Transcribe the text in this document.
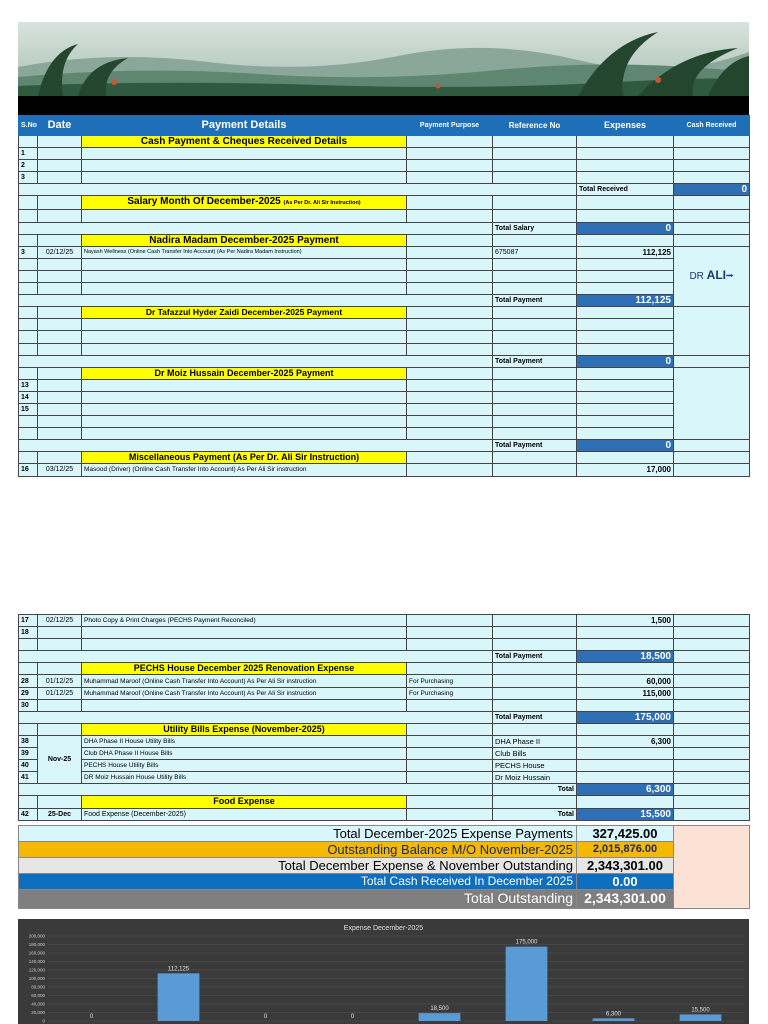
S.No	Date	Payment Details	Payment Purpose	Reference No	Expenses	Cash Received
		Cash Payment & Cheques Received Details				
1						
2						
3						
					Total Received	0
		Salary Month Of December-2025 (As Per Dr. Ali Sir Instruction)				

				Total Salary	0	
		Nadira Madam December-2025 Payment				
3	02/12/25	Nayash Wellness (Online Cash Transfer Into Account) (As Per Nadira Madam Instruction)		675087	112,125	DR ALI⭬

				Total Payment	112,125	
		Dr Tafazzul Hyder Zaidi December-2025 Payment				

				Total Payment	0	
		Dr Moiz Hussain December-2025 Payment				
13						
14						
15						

				Total Payment	0	
		Miscellaneous Payment (As Per Dr. Ali Sir Instruction)				
16	03/12/25	Masood (Driver) (Online Cash Transfer Into Account) As Per Ali Sir instruction			17,000	
17	02/12/25	Photo Copy & Print Charges (PECHS Payment Reconciled)			1,500	
18						

				Total Payment	18,500	
		PECHS House December 2025 Renovation Expense				
28	01/12/25	Muhammad Maroof (Online Cash Transfer Into Account) As Per Ali Sir instruction	For Purchasing		60,000	
29	01/12/25	Muhammad Maroof (Online Cash Transfer Into Account) As Per Ali Sir instruction	For Purchasing		115,000	
30						
				Total Payment	175,000	
		Utility Bills Expense (November-2025)				
38	Nov-25	DHA Phase II House Utility Bills		DHA Phase II	6,300	
39		Club DHA Phase II House Bills		Club Bills		
40		PECHS House Utility Bills		PECHS House		
41		DR Moiz Hussain House Utility Bills		Dr Moiz Hussain		
				Total	6,300	
		Food Expense				
42	25-Dec	Food Expense (December-2025)		Total	15,500	
Total December-2025 Expense Payments	327,425.00	
Outstanding Balance M/O November-2025	2,015,876.00	
Total December Expense & November Outstanding	2,343,301.00	
Total Cash Received In December 2025	0.00	
Total Outstanding	2,343,301.00	
Expense December-2025
200,000
180,000
160,000
140,000
120,000
100,000
80,000
60,000
40,000
20,000
0
0
112,125
0	0
18,500
175,000
6,300
15,500
